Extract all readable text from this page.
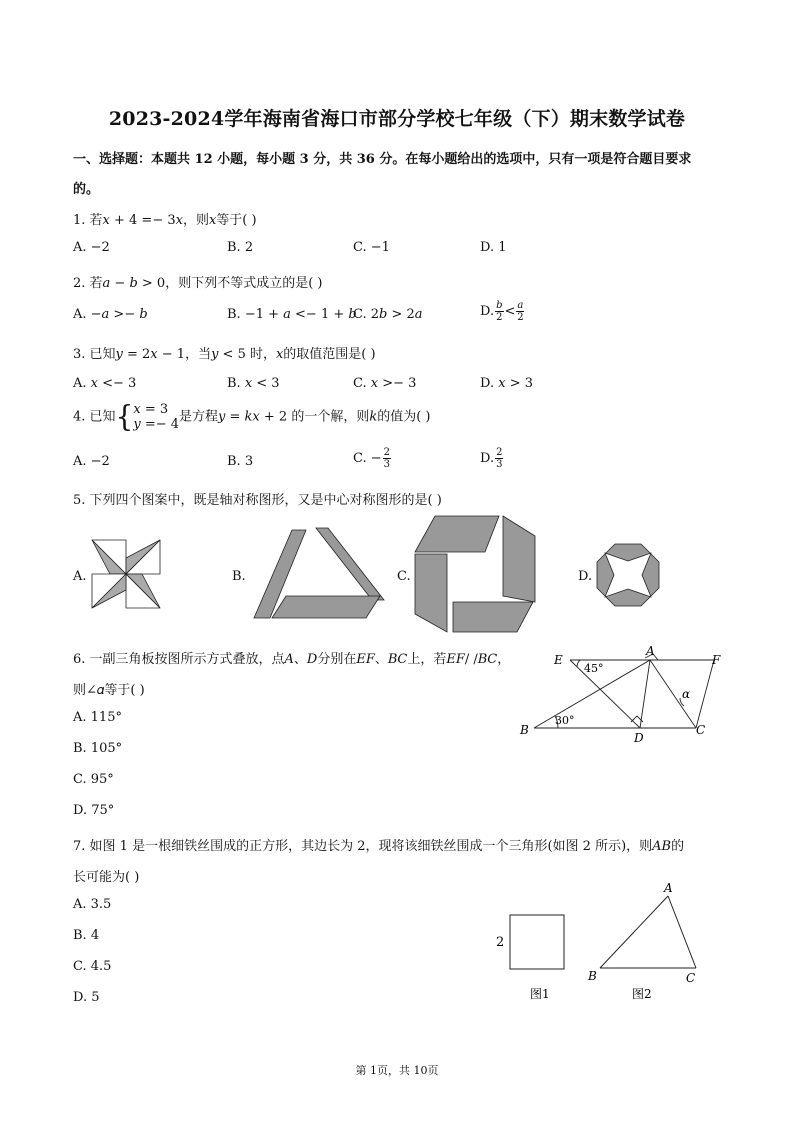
2023-2024学年海南省海口市部分学校七年级（下）期末数学试卷
一、选择题：本题共 12 小题，每小题 3 分，共 36 分。在每小题给出的选项中，只有一项是符合题目要求
的。
1. 若𝑥 + 4 =− 3𝑥，则𝑥等于( )
A. −2	B. 2	C. −1	D. 1
2. 若𝑎 − 𝑏 > 0，则下列不等式成立的是( )
A. −𝑎 >− 𝑏	B. −1 + 𝑎 <− 1 + 𝑏
C. 2𝑏 > 2𝑎	D. $\frac{b}{2} < \frac{a}{2}$
3. 已知𝑦 = 2𝑥 − 1，当𝑦 < 5 时，𝑥的取值范围是( )
A. 𝑥 <− 3	B. 𝑥 < 3	C. 𝑥 >− 3	D. 𝑥 > 3
4. 已知{ 𝑥 = 3
𝑦 =− 4 是方程𝑦 = 𝑘𝑥 + 2 的一个解，则𝑘的值为( )
A. −2	B. 3	C. − $\frac{2}{3}$	D. $\frac{2}{3}$
5. 下列四个图案中，既是轴对称图形，又是中心对称图形的是( )
A.	B.	C.	D.
6. 一副三角板按图所示方式叠放，点𝐴、𝐷分别在𝐸𝐹、𝐵𝐶上，若𝐸𝐹/ /𝐵𝐶，
则∠𝛼等于( )
A. 115°
B. 105°
C. 95°
D. 75°
E
A
F
B
D
C
45°
30°
α
7. 如图 1 是一根细铁丝围成的正方形，其边长为 2，现将该细铁丝围成一个三角形(如图 2 所示)，则𝐴𝐵的
长可能为( )
A. 3.5
B. 4
C. 4.5
D. 5
2
图1	图2
A
B	C
第 1页，共 10页
